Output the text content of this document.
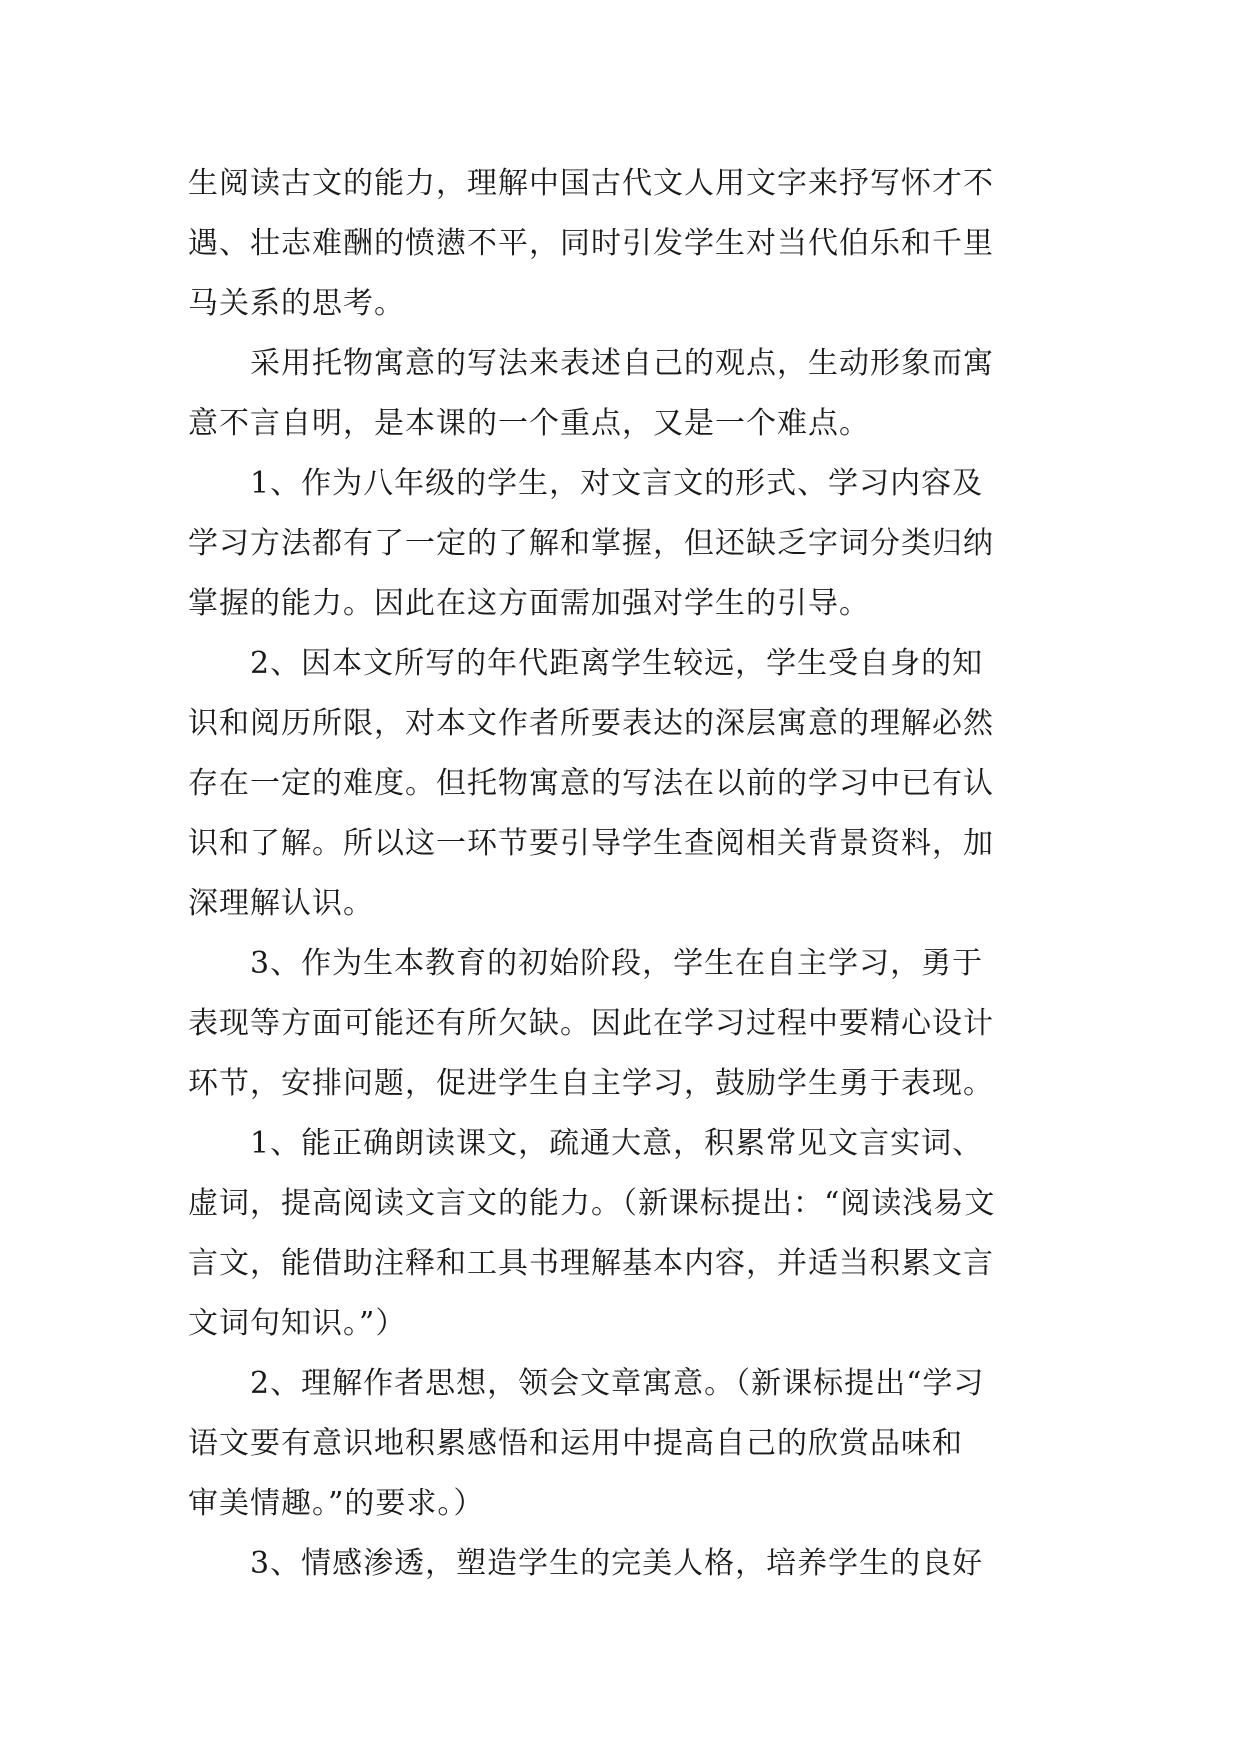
生阅读古文的能力，理解中国古代文人用文字来抒写怀才不
遇、壮志难酬的愤懑不平，同时引发学生对当代伯乐和千里
马关系的思考。
采用托物寓意的写法来表述自己的观点，生动形象而寓
意不言自明，是本课的一个重点，又是一个难点。
1、作为八年级的学生，对文言文的形式、学习内容及
学习方法都有了一定的了解和掌握，但还缺乏字词分类归纳
掌握的能力。因此在这方面需加强对学生的引导。
2、因本文所写的年代距离学生较远，学生受自身的知
识和阅历所限，对本文作者所要表达的深层寓意的理解必然
存在一定的难度。但托物寓意的写法在以前的学习中已有认
识和了解。所以这一环节要引导学生查阅相关背景资料，加
深理解认识。
3、作为生本教育的初始阶段，学生在自主学习，勇于
表现等方面可能还有所欠缺。因此在学习过程中要精心设计
环节，安排问题，促进学生自主学习，鼓励学生勇于表现。
1、能正确朗读课文，疏通大意，积累常见文言实词、
虚词，提高阅读文言文的能力。（新课标提出：“阅读浅易文
言文，能借助注释和工具书理解基本内容，并适当积累文言
文词句知识。”）
2、理解作者思想，领会文章寓意。（新课标提出“学习
语文要有意识地积累感悟和运用中提高自己的欣赏品味和
审美情趣。”的要求。）
3、情感渗透，塑造学生的完美人格，培养学生的良好
